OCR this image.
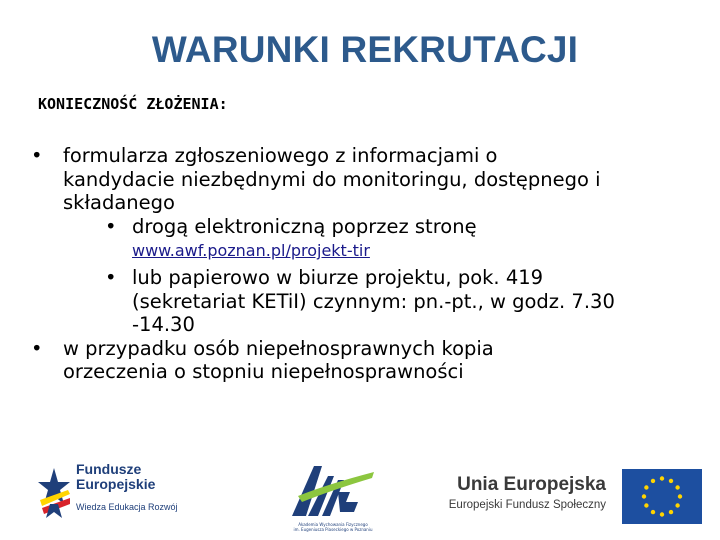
WARUNKI REKRUTACJI
KONIECZNOŚĆ ZŁOŻENIA:
• formularza zgłoszeniowego z informacjami o
kandydacie niezbędnymi do monitoringu, dostępnego i
składanego
• drogą elektroniczną poprzez stronę
www.awf.poznan.pl/projekt-tir
• lub papierowo w biurze projektu, pok. 419
(sekretariat KETiI) czynnym: pn.-pt., w godz. 7.30
-14.30
• w przypadku osób niepełnosprawnych kopia
orzeczenia o stopniu niepełnosprawności
Fundusze
Europejskie
Wiedza Edukacja Rozwój
Akademia Wychowania Fizycznego
im. Eugeniusza Piaseckiego w Poznaniu
Unia Europejska
Europejski Fundusz Społeczny
